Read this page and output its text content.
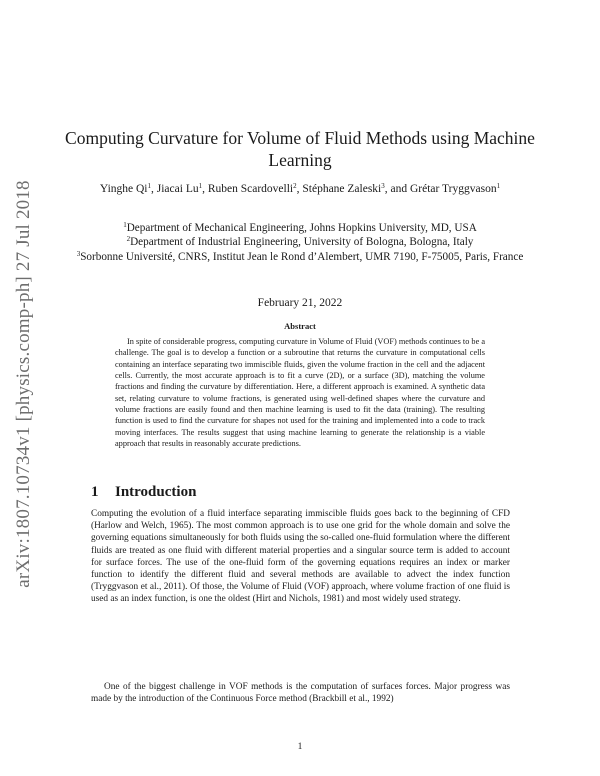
arXiv:1807.10734v1 [physics.comp-ph] 27 Jul 2018
Computing Curvature for Volume of Fluid Methods using Machine Learning
Yinghe Qi$^1$, Jiacai Lu$^1$, Ruben Scardovelli$^2$, Stéphane Zaleski$^3$, and Grétar Tryggvason$^1$
$^1$Department of Mechanical Engineering, Johns Hopkins University, MD, USA
$^2$Department of Industrial Engineering, University of Bologna, Bologna, Italy
$^3$Sorbonne Université, CNRS, Institut Jean le Rond d’Alembert, UMR 7190, F-75005, Paris, France
February 21, 2022
Abstract
In spite of considerable progress, computing curvature in Volume of Fluid (VOF) methods continues to be a challenge. The goal is to develop a function or a subroutine that returns the curvature in computational cells containing an interface separating two immiscible fluids, given the volume fraction in the cell and the adjacent cells. Currently, the most accurate approach is to fit a curve (2D), or a surface (3D), matching the volume fractions and finding the curvature by differentiation. Here, a different approach is examined. A synthetic data set, relating curvature to volume fractions, is generated using well-defined shapes where the curvature and volume fractions are easily found and then machine learning is used to fit the data (training). The resulting function is used to find the curvature for shapes not used for the training and implemented into a code to track moving interfaces. The results suggest that using machine learning to generate the relationship is a viable approach that results in reasonably accurate predictions.
1 Introduction
Computing the evolution of a fluid interface separating immiscible fluids goes back to the beginning of CFD (Harlow and Welch, 1965). The most common approach is to use one grid for the whole domain and solve the governing equations simultaneously for both fluids using the so-called one-fluid formulation where the different fluids are treated as one fluid with different material properties and a singular source term is added to account for surface forces. The use of the one-fluid form of the governing equations requires an index or marker function to identify the different fluid and several methods are available to advect the index function (Tryggvason et al., 2011). Of those, the Volume of Fluid (VOF) approach, where volume fraction of one fluid is used as an index function, is one the oldest (Hirt and Nichols, 1981) and most widely used strategy.
One of the biggest challenge in VOF methods is the computation of surfaces forces. Major progress was made by the introduction of the Continuous Force method (Brackbill et al., 1992)
1
